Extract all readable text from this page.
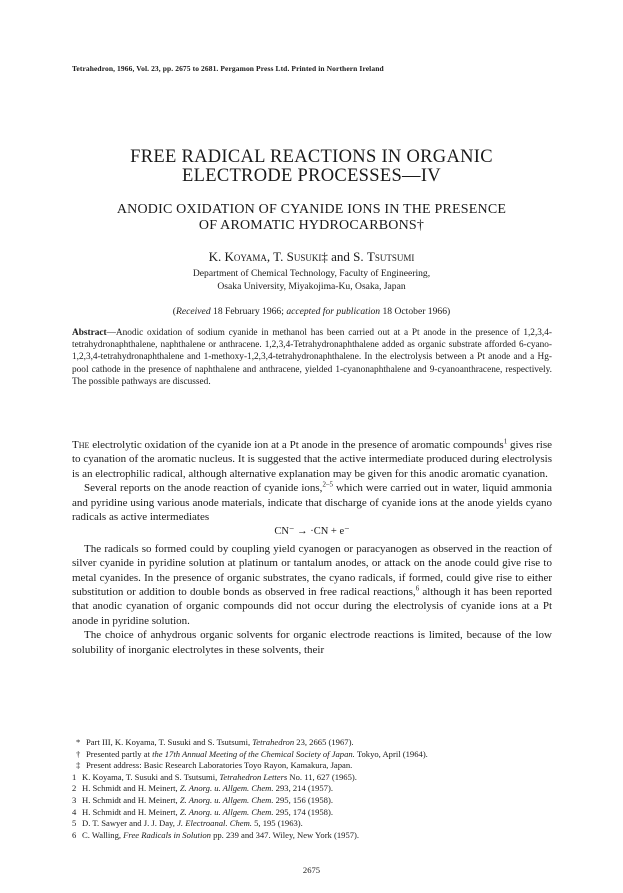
Tetrahedron, 1966, Vol. 23, pp. 2675 to 2681. Pergamon Press Ltd. Printed in Northern Ireland
FREE RADICAL REACTIONS IN ORGANIC
ELECTRODE PROCESSES—IV
ANODIC OXIDATION OF CYANIDE IONS IN THE PRESENCE
OF AROMATIC HYDROCARBONS†
K. Koyama, T. Susuki‡ and S. Tsutsumi
Department of Chemical Technology, Faculty of Engineering,
Osaka University, Miyakojima-Ku, Osaka, Japan
(Received 18 February 1966; accepted for publication 18 October 1966)

Abstract—Anodic oxidation of sodium cyanide in methanol has been carried out at a Pt anode in the presence of 1,2,3,4-tetrahydronaphthalene, naphthalene or anthracene. 1,2,3,4-Tetrahydronaphthalene added as organic substrate afforded 6-cyano-1,2,3,4-tetrahydronaphthalene and 1-methoxy-1,2,3,4-tetrahydronaphthalene. In the electrolysis between a Pt anode and a Hg-pool cathode in the presence of naphthalene and anthracene, yielded 1-cyanonaphthalene and 9-cyanoanthracene, respectively. The possible pathways are discussed.

The electrolytic oxidation of the cyanide ion at a Pt anode in the presence of aromatic compounds$^1$ gives rise to cyanation of the aromatic nucleus. It is suggested that the active intermediate produced during electrolysis is an electrophilic radical, although alternative explanation may be given for this anodic aromatic cyanation.

Several reports on the anode reaction of cyanide ions,$^{2-5}$ which were carried out in water, liquid ammonia and pyridine using various anode materials, indicate that discharge of cyanide ions at the anode yields cyano radicals as active intermediates

CN⁻ → ·CN + e⁻

The radicals so formed could by coupling yield cyanogen or paracyanogen as observed in the reaction of silver cyanide in pyridine solution at platinum or tantalum anodes, or attack on the anode could give rise to metal cyanides. In the presence of organic substrates, the cyano radicals, if formed, could give rise to either substitution or addition to double bonds as observed in free radical reactions,$^6$ although it has been reported that anodic cyanation of organic compounds did not occur during the electrolysis of cyanide ions at a Pt anode in pyridine solution.

The choice of anhydrous organic solvents for organic electrode reactions is limited, because of the low solubility of inorganic electrolytes in these solvents, their

* Part III, K. Koyama, T. Susuki and S. Tsutsumi, Tetrahedron 23, 2665 (1967).

† Presented partly at the 17th Annual Meeting of the Chemical Society of Japan. Tokyo, April (1964).

‡ Present address: Basic Research Laboratories Toyo Rayon, Kamakura, Japan.

1 K. Koyama, T. Susuki and S. Tsutsumi, Tetrahedron Letters No. 11, 627 (1965).

2 H. Schmidt and H. Meinert, Z. Anorg. u. Allgem. Chem. 293, 214 (1957).

3 H. Schmidt and H. Meinert, Z. Anorg. u. Allgem. Chem. 295, 156 (1958).

4 H. Schmidt and H. Meinert, Z. Anorg. u. Allgem. Chem. 295, 174 (1958).

5 D. T. Sawyer and J. J. Day, J. Electroanal. Chem. 5, 195 (1963).

6 C. Walling, Free Radicals in Solution pp. 239 and 347. Wiley, New York (1957).

2675
